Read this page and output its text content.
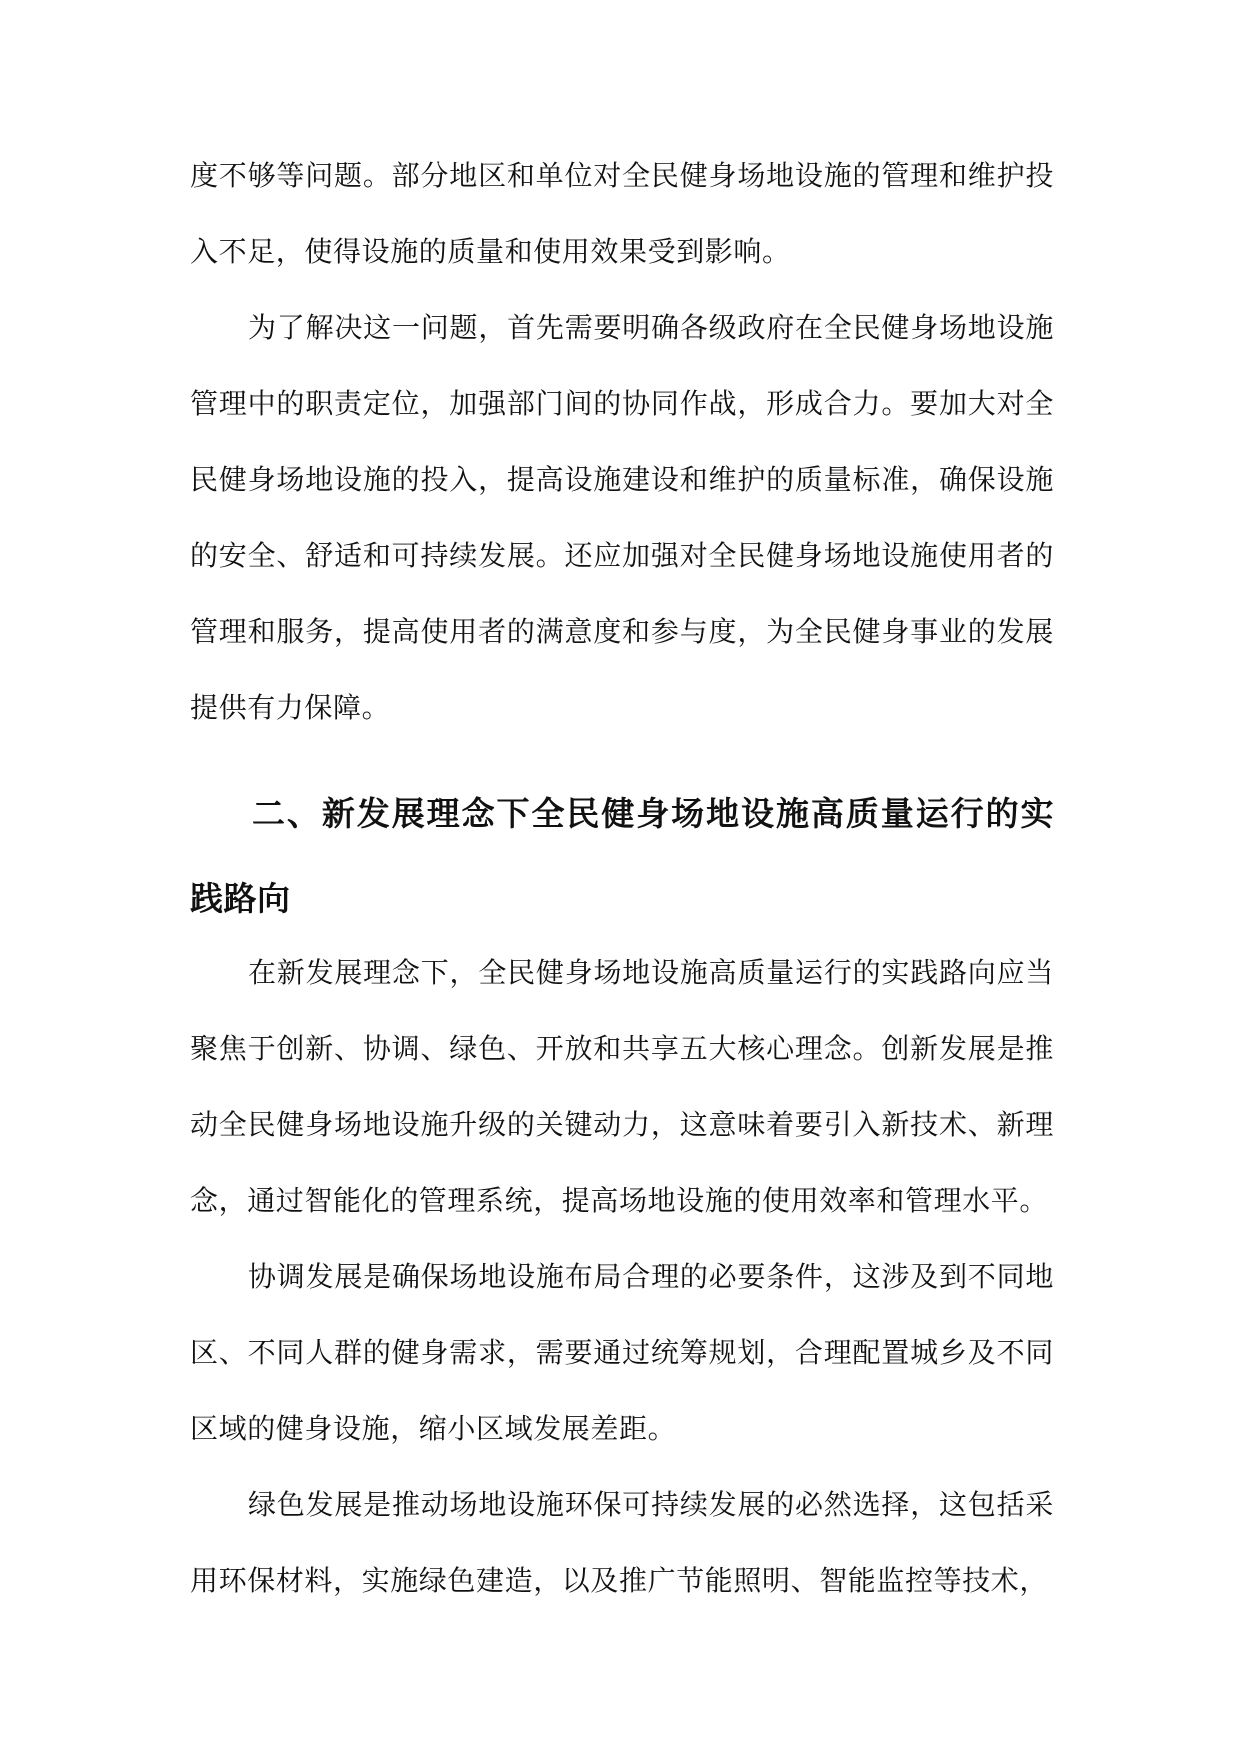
度不够等问题。部分地区和单位对全民健身场地设施的管理和维护投入不足，使得设施的质量和使用效果受到影响。

为了解决这一问题，首先需要明确各级政府在全民健身场地设施管理中的职责定位，加强部门间的协同作战，形成合力。要加大对全民健身场地设施的投入，提高设施建设和维护的质量标准，确保设施的安全、舒适和可持续发展。还应加强对全民健身场地设施使用者的管理和服务，提高使用者的满意度和参与度，为全民健身事业的发展提供有力保障。

二、新发展理念下全民健身场地设施高质量运行的实践路向

在新发展理念下，全民健身场地设施高质量运行的实践路向应当聚焦于创新、协调、绿色、开放和共享五大核心理念。创新发展是推动全民健身场地设施升级的关键动力，这意味着要引入新技术、新理念，通过智能化的管理系统，提高场地设施的使用效率和管理水平。

协调发展是确保场地设施布局合理的必要条件，这涉及到不同地区、不同人群的健身需求，需要通过统筹规划，合理配置城乡及不同区域的健身设施，缩小区域发展差距。

绿色发展是推动场地设施环保可持续发展的必然选择，这包括采用环保材料，实施绿色建造，以及推广节能照明、智能监控等技术，
